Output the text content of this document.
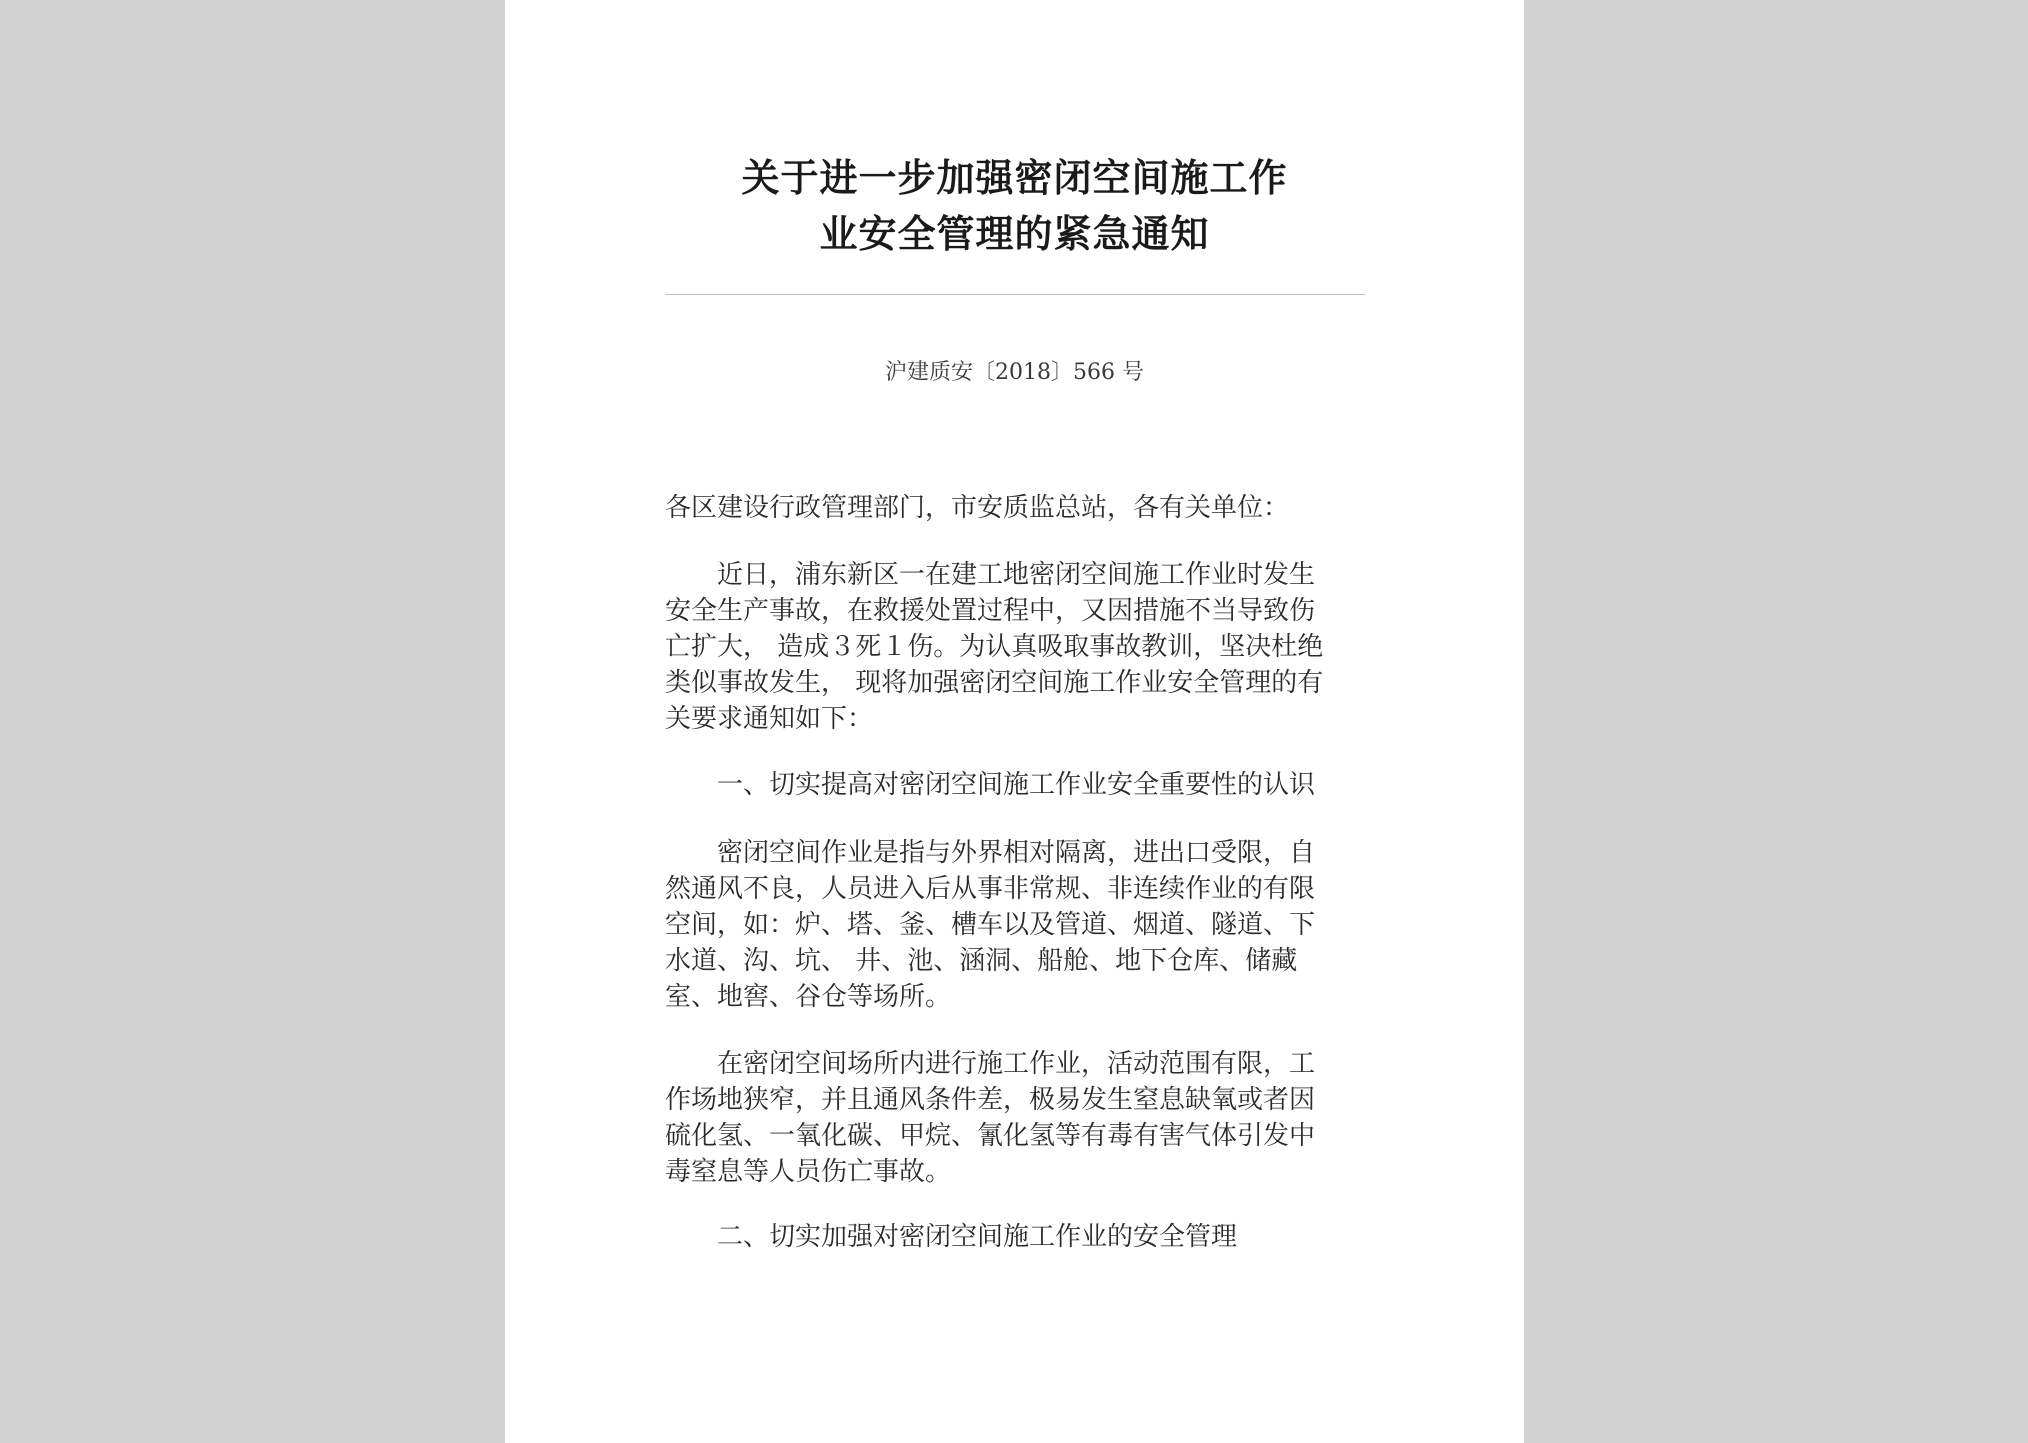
关于进一步加强密闭空间施工作
业安全管理的紧急通知
沪建质安〔2018〕566 号
各区建设行政管理部门，市安质监总站，各有关单位：
　　近日，浦东新区一在建工地密闭空间施工作业时发生
安全生产事故，在救援处置过程中，又因措施不当导致伤
亡扩大， 造成３死１伤。为认真吸取事故教训，坚决杜绝
类似事故发生， 现将加强密闭空间施工作业安全管理的有
关要求通知如下：
　　一、切实提高对密闭空间施工作业安全重要性的认识
　　密闭空间作业是指与外界相对隔离，进出口受限，自
然通风不良，人员进入后从事非常规、非连续作业的有限
空间，如：炉、塔、釜、槽车以及管道、烟道、隧道、下
水道、沟、坑、 井、池、涵洞、船舱、地下仓库、储藏
室、地窖、谷仓等场所。
　　在密闭空间场所内进行施工作业，活动范围有限，工
作场地狭窄，并且通风条件差，极易发生窒息缺氧或者因
硫化氢、一氧化碳、甲烷、氰化氢等有毒有害气体引发中
毒窒息等人员伤亡事故。
　　二、切实加强对密闭空间施工作业的安全管理
